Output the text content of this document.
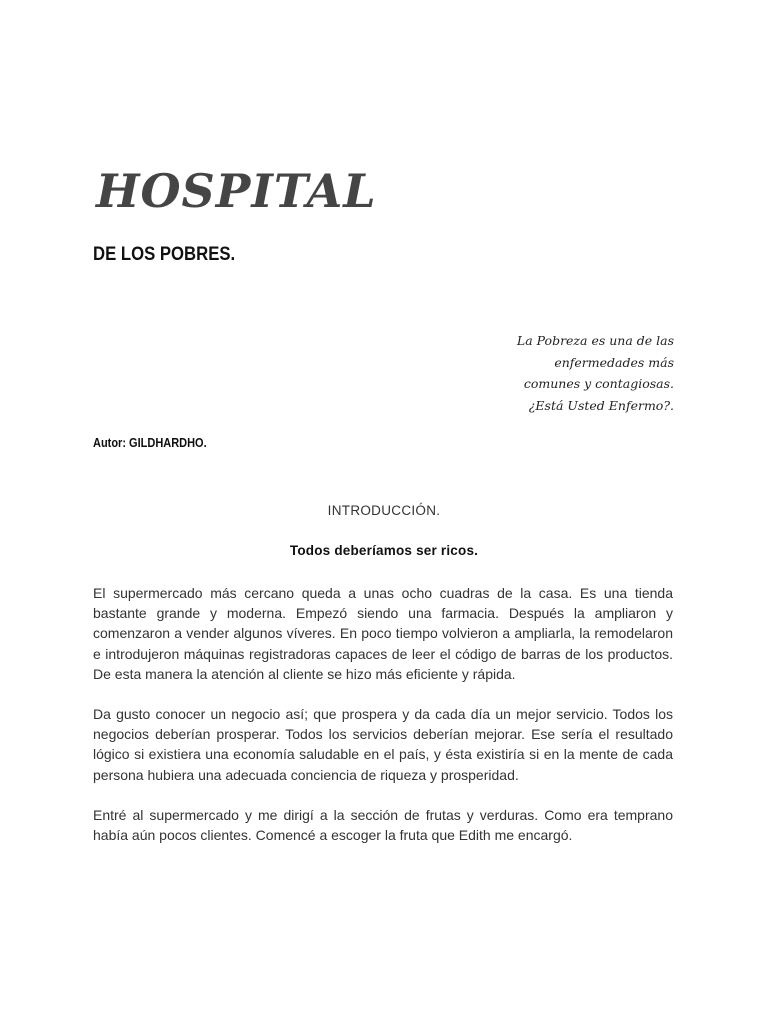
HOSPITAL
DE LOS POBRES.
La Pobreza es una de las
enfermedades más
comunes y contagiosas.
¿Está Usted Enfermo?.
Autor: GILDHARDHO.
INTRODUCCIÓN.
Todos deberíamos ser ricos.

El supermercado más cercano queda a unas ocho cuadras de la casa. Es una tienda bastante grande y moderna. Empezó siendo una farmacia. Después la ampliaron y comenzaron a vender algunos víveres. En poco tiempo volvieron a ampliarla, la remodelaron e introdujeron máquinas registradoras capaces de leer el código de barras de los productos. De esta manera la atención al cliente se hizo más eficiente y rápida.

Da gusto conocer un negocio así; que prospera y da cada día un mejor servicio. Todos los negocios deberían prosperar. Todos los servicios deberían mejorar. Ese sería el resultado lógico si existiera una economía saludable en el país, y ésta existiría si en la mente de cada persona hubiera una adecuada conciencia de riqueza y prosperidad.

Entré al supermercado y me dirigí a la sección de frutas y verduras. Como era temprano había aún pocos clientes. Comencé a escoger la fruta que Edith me encargó.
